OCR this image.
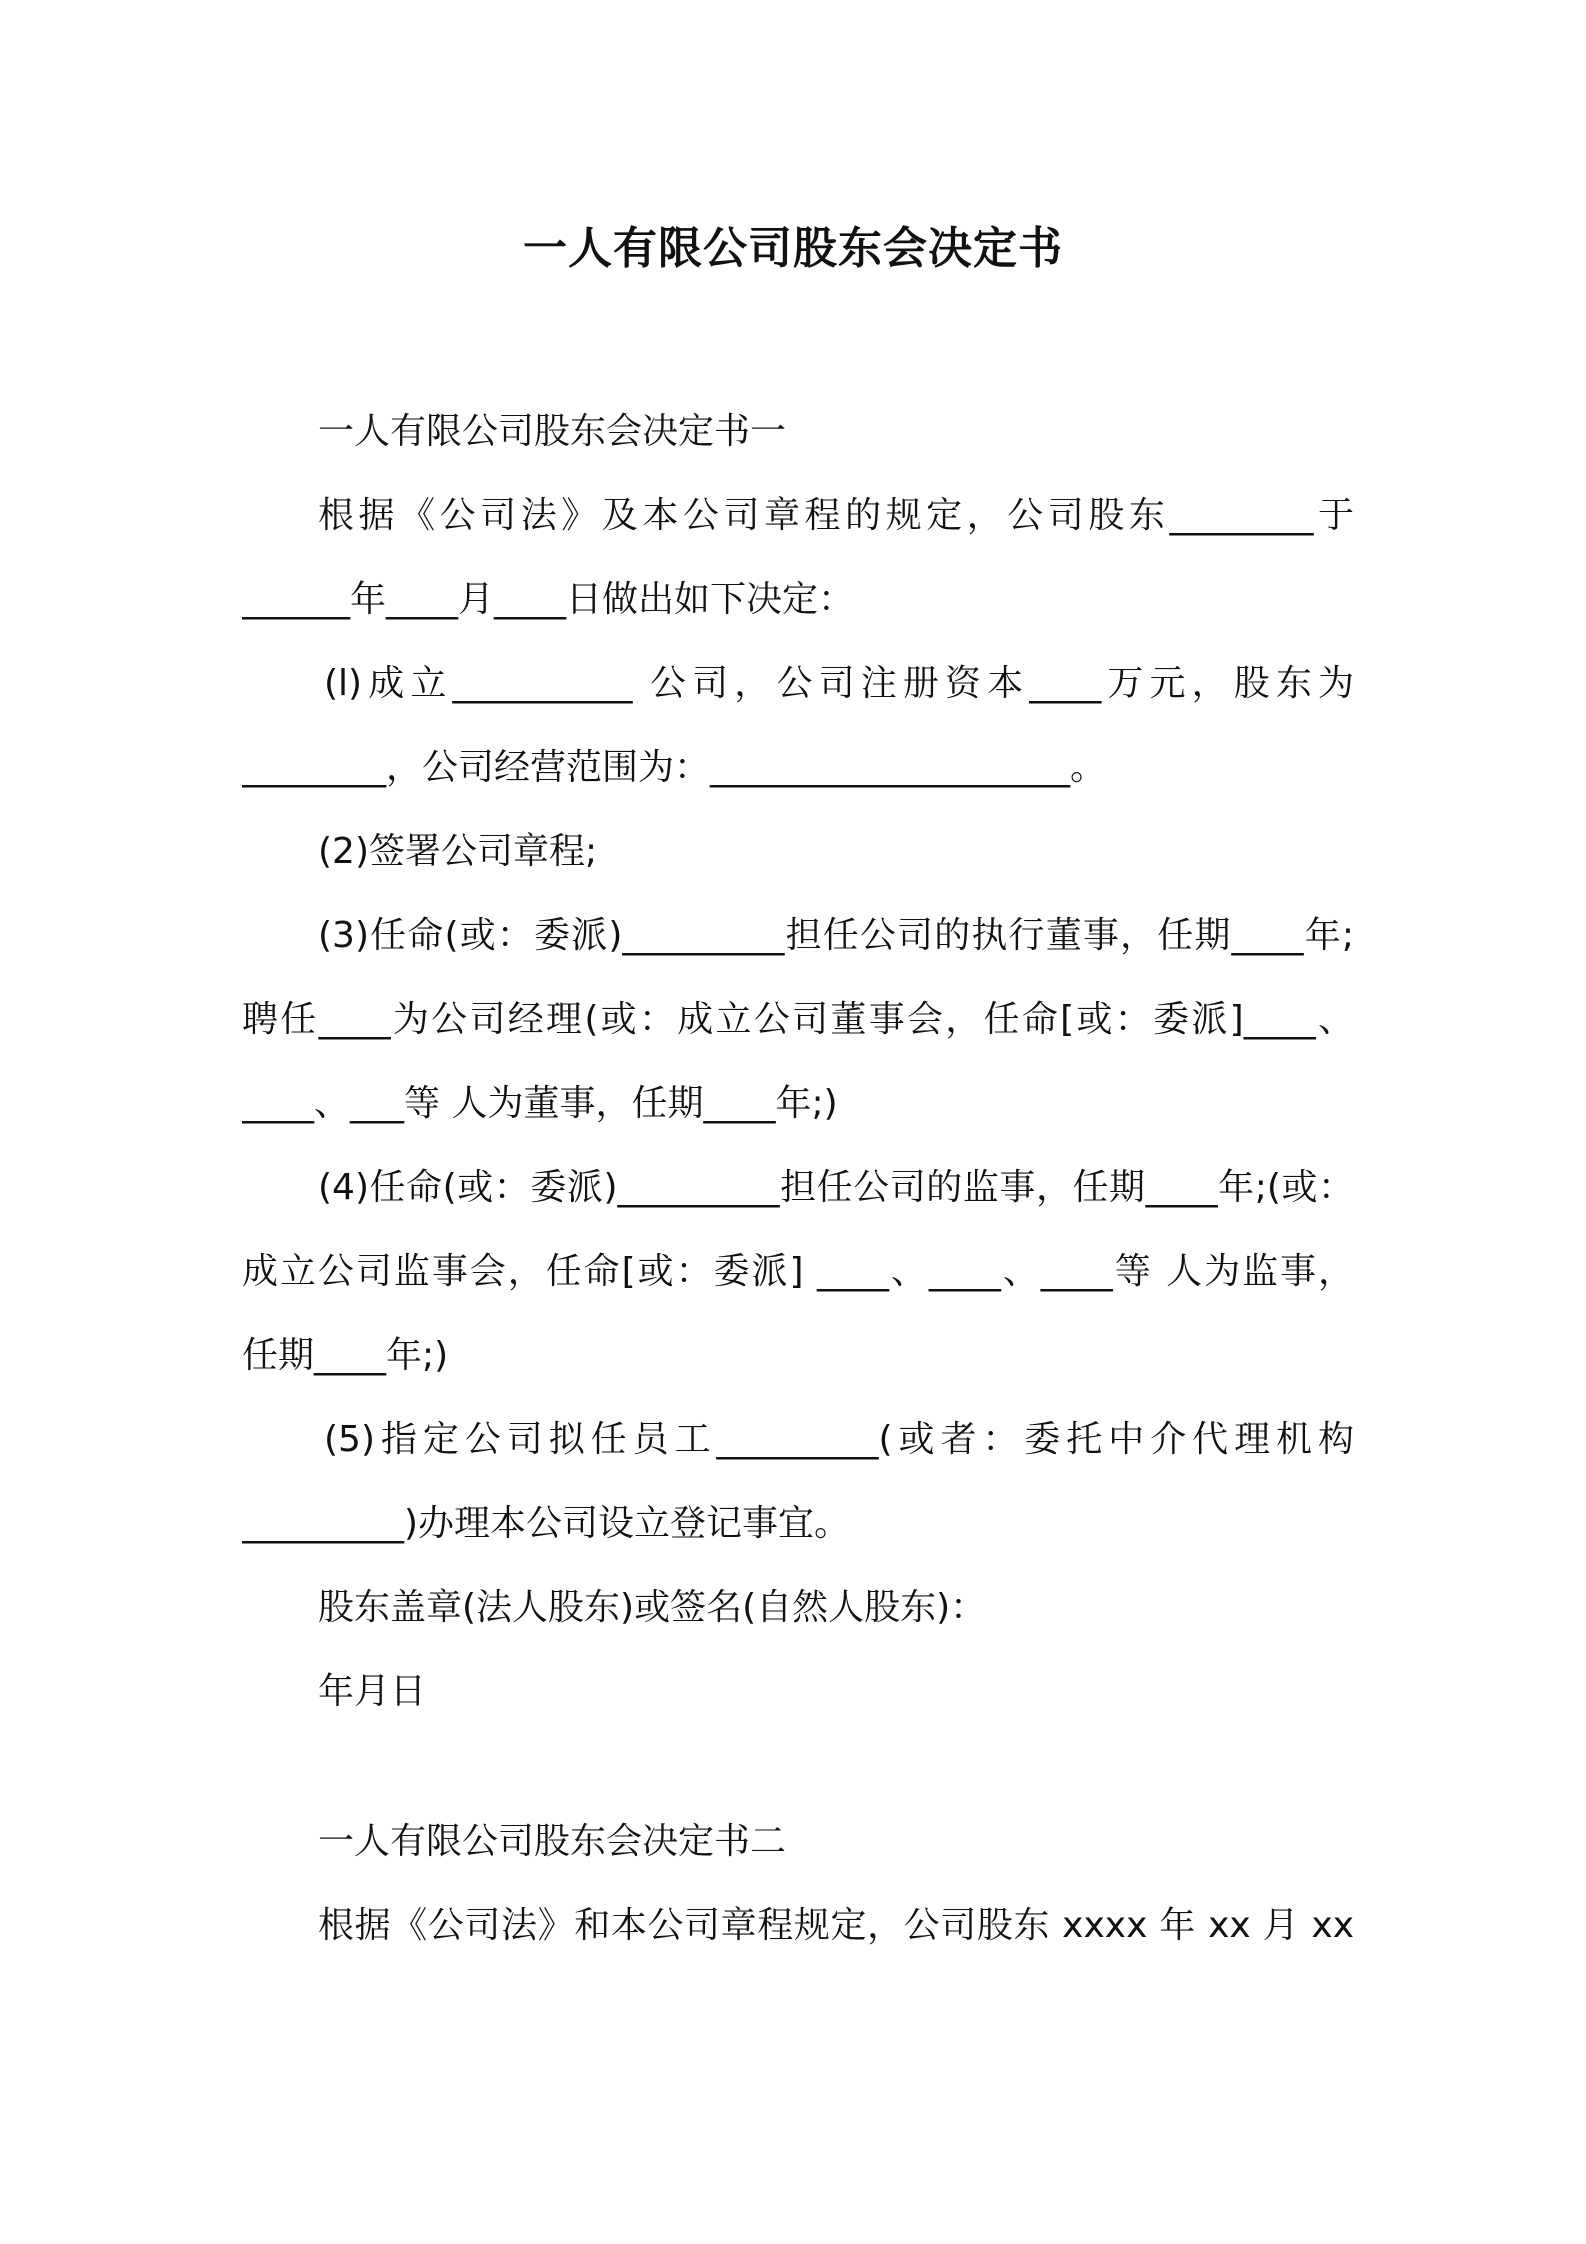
一人有限公司股东会决定书
一人有限公司股东会决定书一
根据《公司法》及本公司章程的规定，公司股东________于
______年____月____日做出如下决定：
(l)成立__________ 公司，公司注册资本____万元，股东为
________，公司经营范围为：____________________。
(2)签署公司章程;
(3)任命(或：委派)_________担任公司的执行董事，任期____年;
聘任____为公司经理(或：成立公司董事会，任命[或：委派]____、
____、___等 人为董事，任期____年;)
(4)任命(或：委派)_________担任公司的监事，任期____年;(或：
成立公司监事会，任命[或：委派] ____、____、____等 人为监事，
任期____年;)
(5)指定公司拟任员工_________(或者：委托中介代理机构
_________)办理本公司设立登记事宜。
股东盖章(法人股东)或签名(自然人股东)：
年月日
一人有限公司股东会决定书二
根据《公司法》和本公司章程规定，公司股东 xxxx 年 xx 月 xx
